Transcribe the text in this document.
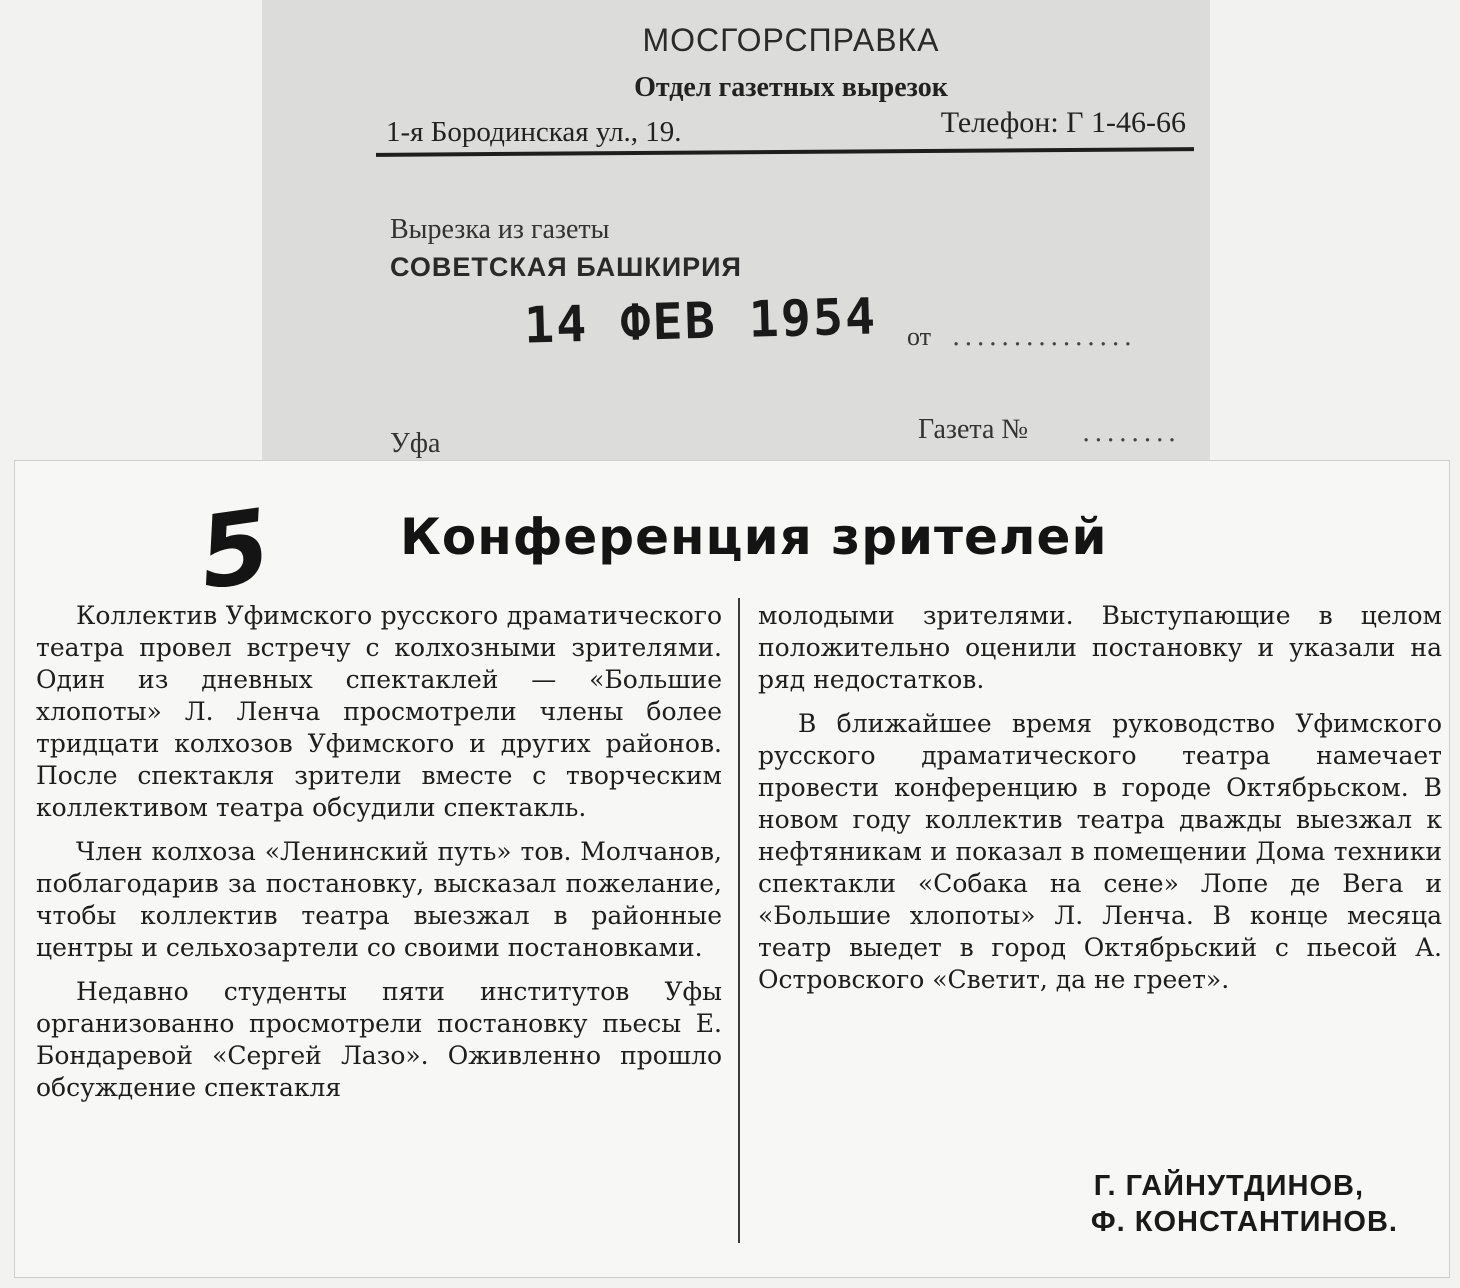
МОСГОРСПРАВКА
Отдел газетных вырезок
1-я Бородинская ул., 19.	Телефон: Г 1-46-66
Вырезка из газеты
СОВЕТСКАЯ БАШКИРИЯ
14 ФЕВ 1954 от ...............
Уфа	Газета № ........
5 Конференция зрителей

Коллектив Уфимского русского драматического театра провел встречу с колхозными зрителями. Один из дневных спектаклей — «Большие хлопоты» Л. Ленча просмотрели члены более тридцати колхозов Уфимского и других районов. После спектакля зрители вместе с творческим коллективом театра обсудили спектакль.

Член колхоза «Ленинский путь» тов. Молчанов, поблагодарив за постановку, высказал пожелание, чтобы коллектив театра выезжал в районные центры и сельхозартели со своими постановками.

Недавно студенты пяти институтов Уфы организованно просмотрели постановку пьесы Е. Бондаревой «Сергей Лазо». Оживленно прошло обсуждение спектакля

молодыми зрителями. Выступающие в целом положительно оценили постановку и указали на ряд недостатков.

В ближайшее время руководство Уфимского русского драматического театра намечает провести конференцию в городе Октябрьском. В новом году коллектив театра дважды выезжал к нефтяникам и показал в помещении Дома техники спектакли «Собака на сене» Лопе де Вега и «Большие хлопоты» Л. Ленча. В конце месяца театр выедет в город Октябрьский с пьесой А. Островского «Светит, да не греет».

Г. ГАЙНУТДИНОВ,
Ф. КОНСТАНТИНОВ.
